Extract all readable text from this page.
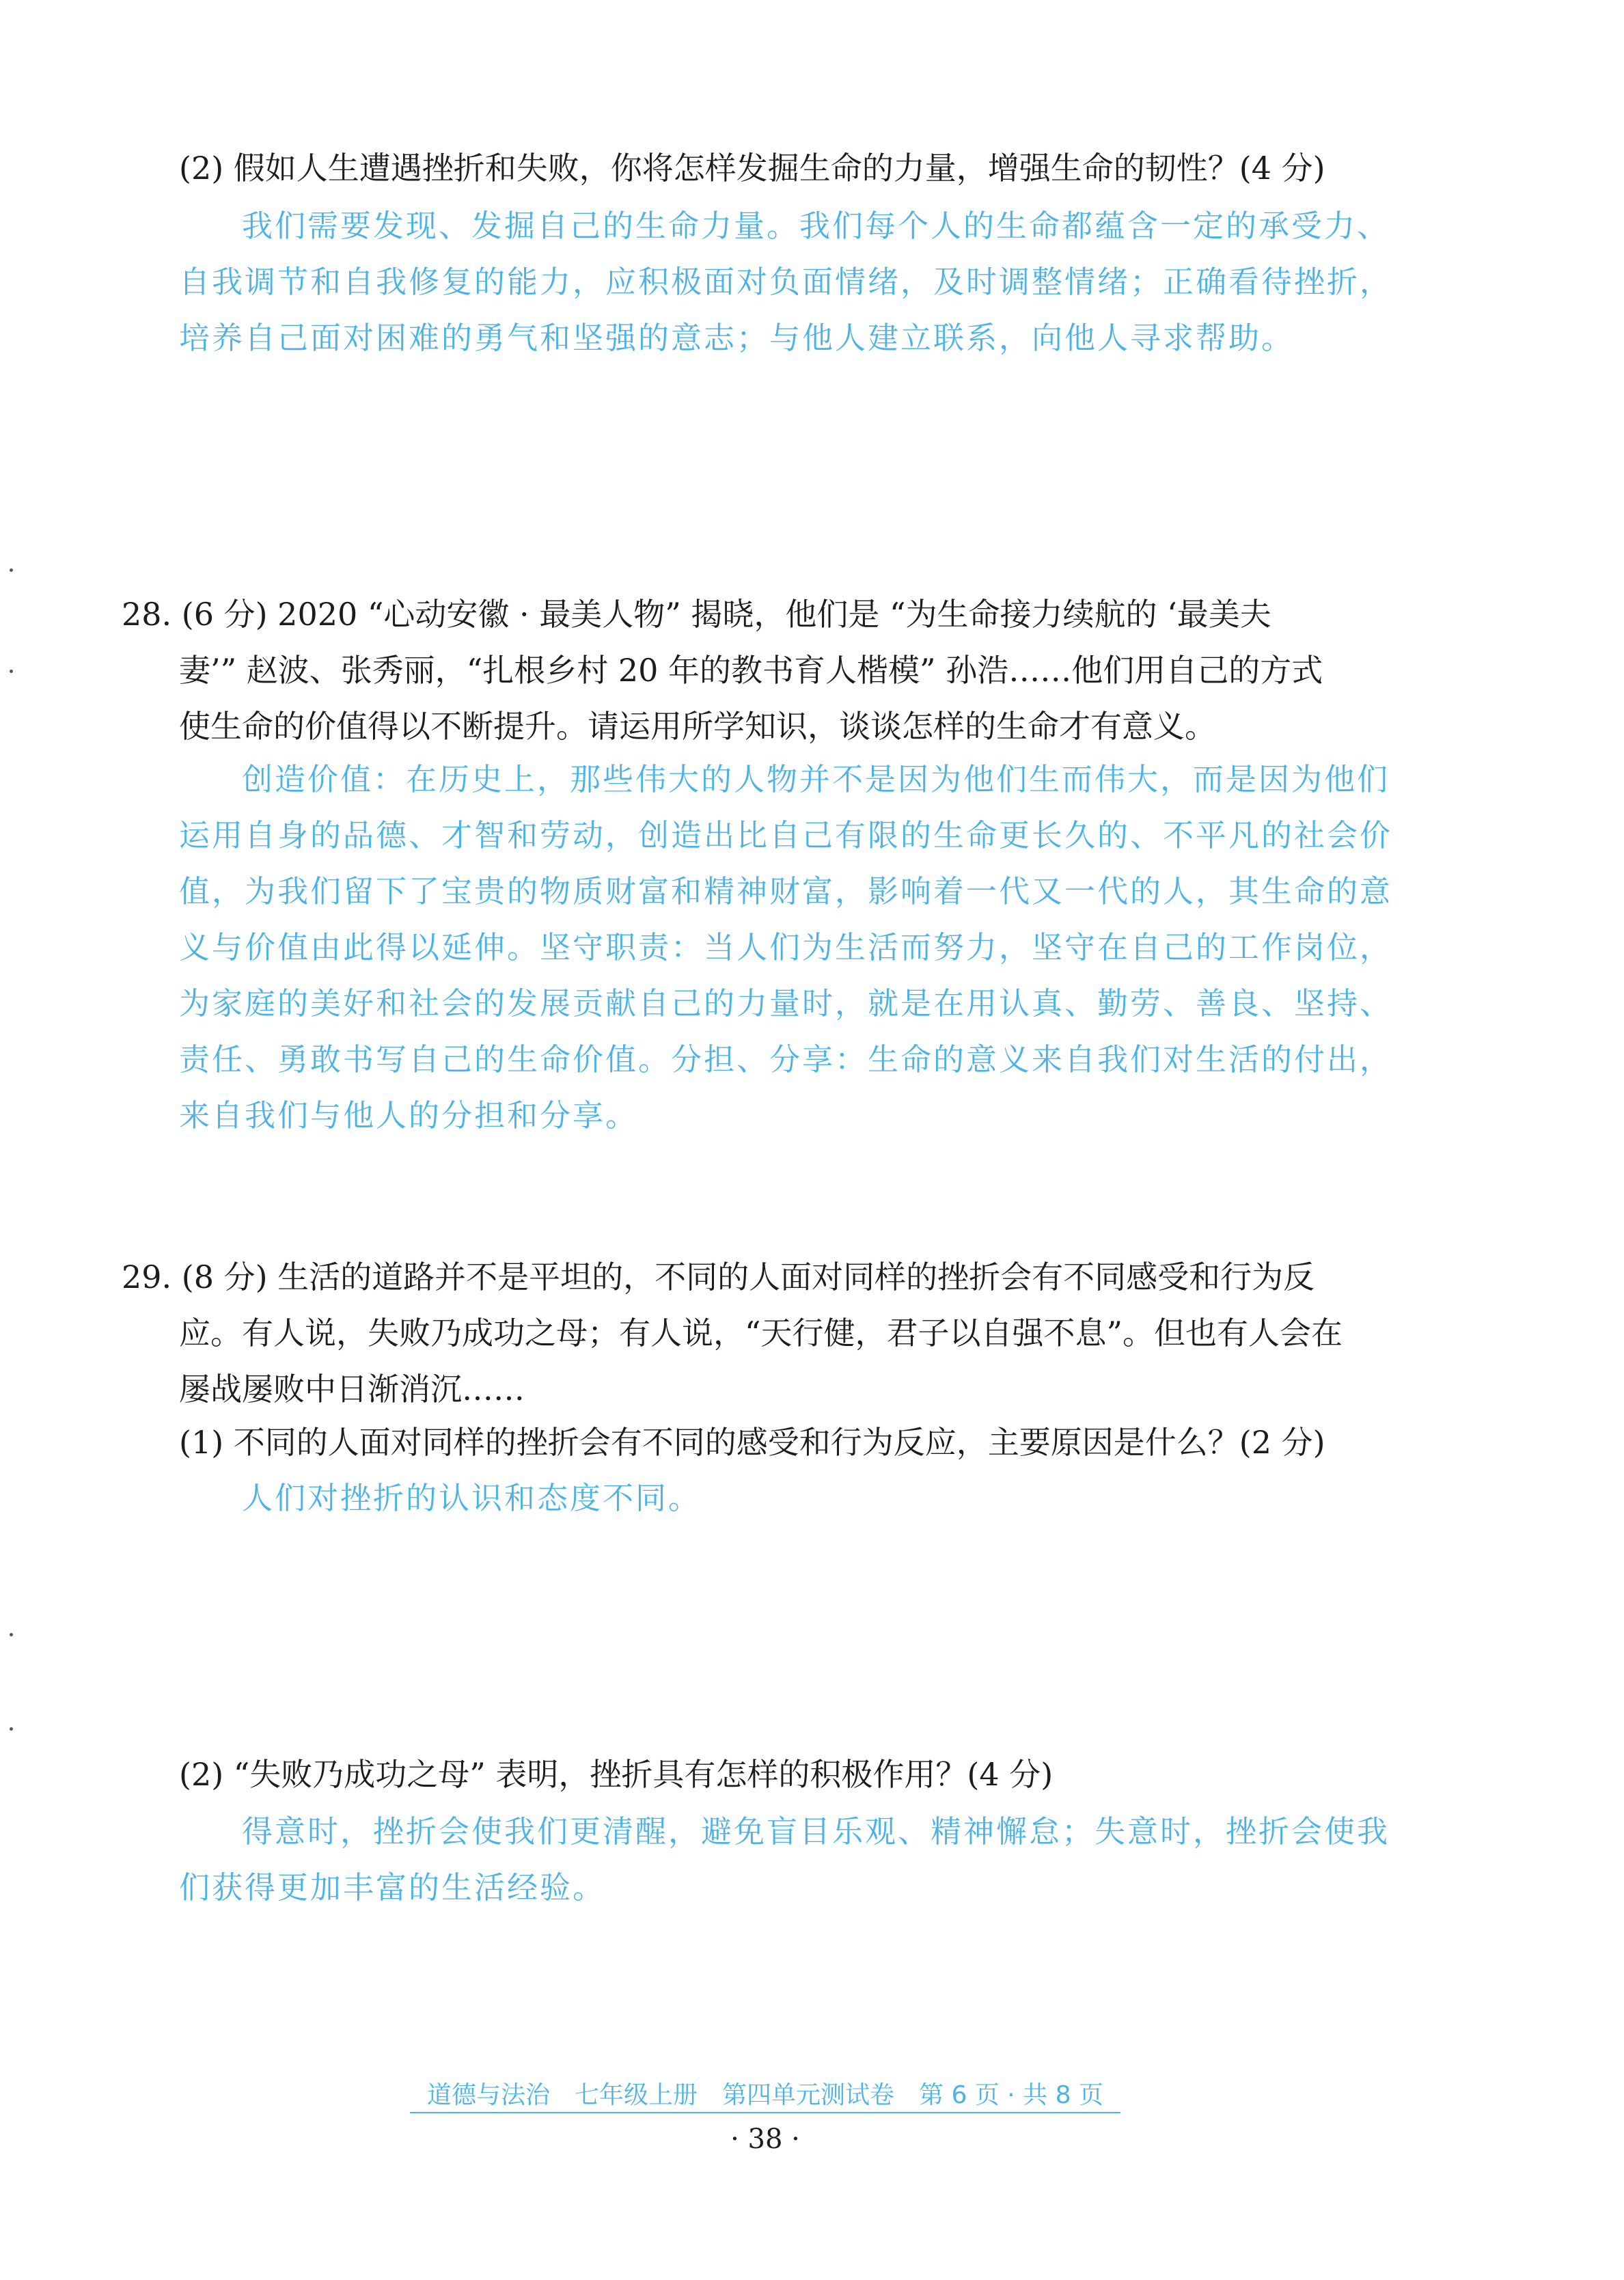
(2) 假如人生遭遇挫折和失败，你将怎样发掘生命的力量，增强生命的韧性？(4 分)
我们需要发现、发掘自己的生命力量。我们每个人的生命都蕴含一定的承受力、
自我调节和自我修复的能力，应积极面对负面情绪，及时调整情绪；正确看待挫折，
培养自己面对困难的勇气和坚强的意志；与他人建立联系，向他人寻求帮助。
28. (6 分) 2020 “心动安徽 · 最美人物” 揭晓，他们是 “为生命接力续航的 ‘最美夫
妻’” 赵波、张秀丽，“扎根乡村 20 年的教书育人楷模” 孙浩……他们用自己的方式
使生命的价值得以不断提升。请运用所学知识，谈谈怎样的生命才有意义。
创造价值：在历史上，那些伟大的人物并不是因为他们生而伟大，而是因为他们
运用自身的品德、才智和劳动，创造出比自己有限的生命更长久的、不平凡的社会价
值，为我们留下了宝贵的物质财富和精神财富，影响着一代又一代的人，其生命的意
义与价值由此得以延伸。坚守职责：当人们为生活而努力，坚守在自己的工作岗位，
为家庭的美好和社会的发展贡献自己的力量时，就是在用认真、勤劳、善良、坚持、
责任、勇敢书写自己的生命价值。分担、分享：生命的意义来自我们对生活的付出，
来自我们与他人的分担和分享。
29. (8 分) 生活的道路并不是平坦的，不同的人面对同样的挫折会有不同感受和行为反
应。有人说，失败乃成功之母；有人说，“天行健，君子以自强不息”。但也有人会在
屡战屡败中日渐消沉……
(1) 不同的人面对同样的挫折会有不同的感受和行为反应，主要原因是什么？(2 分)
人们对挫折的认识和态度不同。
(2) “失败乃成功之母” 表明，挫折具有怎样的积极作用？(4 分)
得意时，挫折会使我们更清醒，避免盲目乐观、精神懈怠；失意时，挫折会使我
们获得更加丰富的生活经验。
道德与法治　七年级上册　第四单元测试卷　第 6 页 · 共 8 页
· 38 ·
